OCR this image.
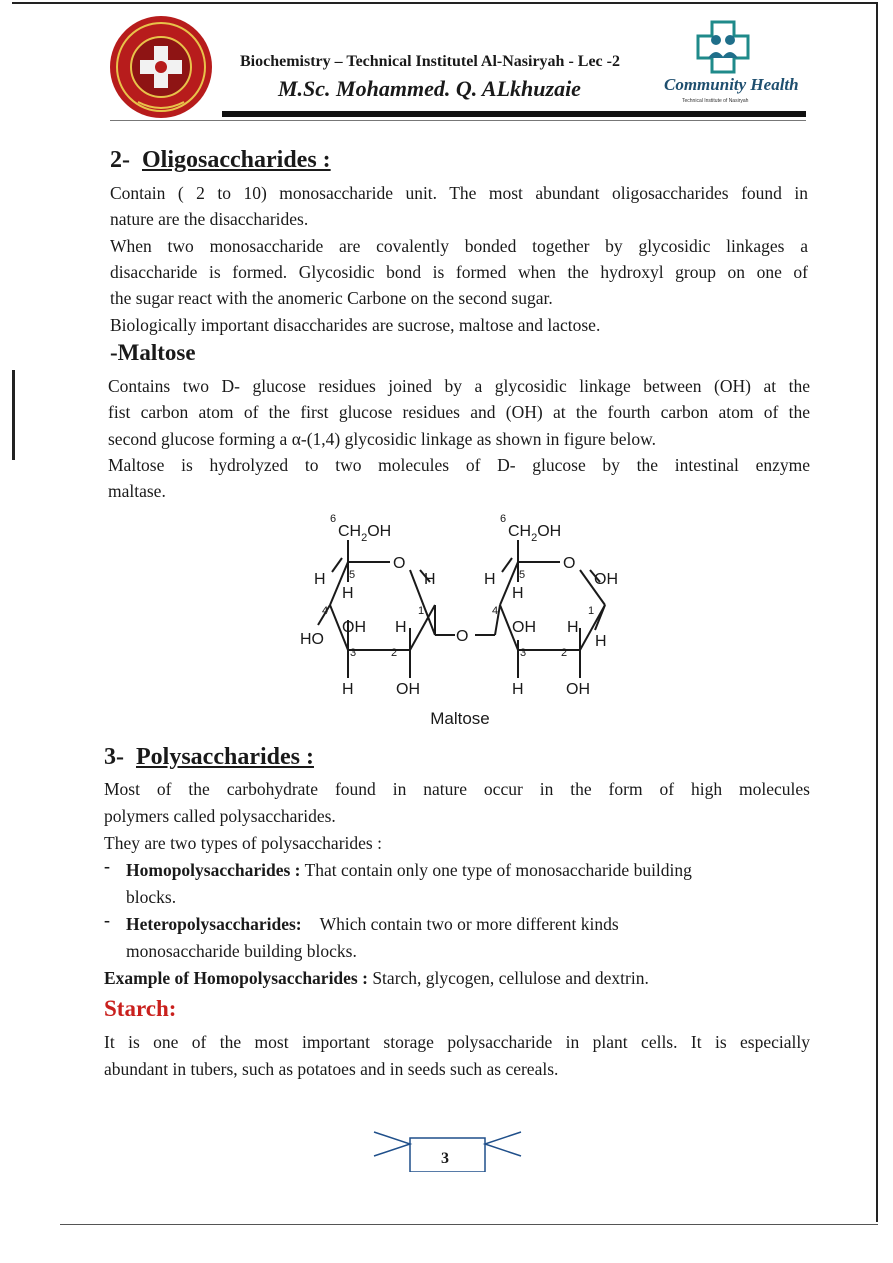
Biochemistry – Technical Institutel Al-Nasiryah - Lec -2
M.Sc. Mohammed. Q. ALkhuzaie	Community Health
Technical Institute of Nasiryah
2- Oligosaccharides :
Contain ( 2 to 10) monosaccharide unit. The most abundant oligosaccharides found in
nature are the disaccharides.
When two monosaccharide are covalently bonded together by glycosidic linkages a
disaccharide is formed. Glycosidic bond is formed when the hydroxyl group on one of
the sugar react with the anomeric Carbone on the second sugar.
Biologically important disaccharides are sucrose, maltose and lactose.
-Maltose
Contains two D- glucose residues joined by a glycosidic linkage between (OH) at the
fist carbon atom of the first glucose residues and (OH) at the fourth carbon atom of the
second glucose forming a α-(1,4) glycosidic linkage as shown in figure below.
Maltose is hydrolyzed to two molecules of D- glucose by the intestinal enzyme
maltase.
6
$CH_2OH$
O
H
H
5	H
4	1
OH H
HO
3	2
H	OH
O
6
$CH_2OH$
O
H
H
5	OH
4	1
OH H
H
3	2
H	OH
Maltose
3- Polysaccharides :
Most of the carbohydrate found in nature occur in the form of high molecules
polymers called polysaccharides.
They are two types of polysaccharides :
- Homopolysaccharides : That contain only one type of monosaccharide building
blocks.
- Heteropolysaccharides: Which contain two or more different kinds
monosaccharide building blocks.
Example of Homopolysaccharides : Starch, glycogen, cellulose and dextrin.
Starch:
It is one of the most important storage polysaccharide in plant cells. It is especially
abundant in tubers, such as potatoes and in seeds such as cereals.
3
